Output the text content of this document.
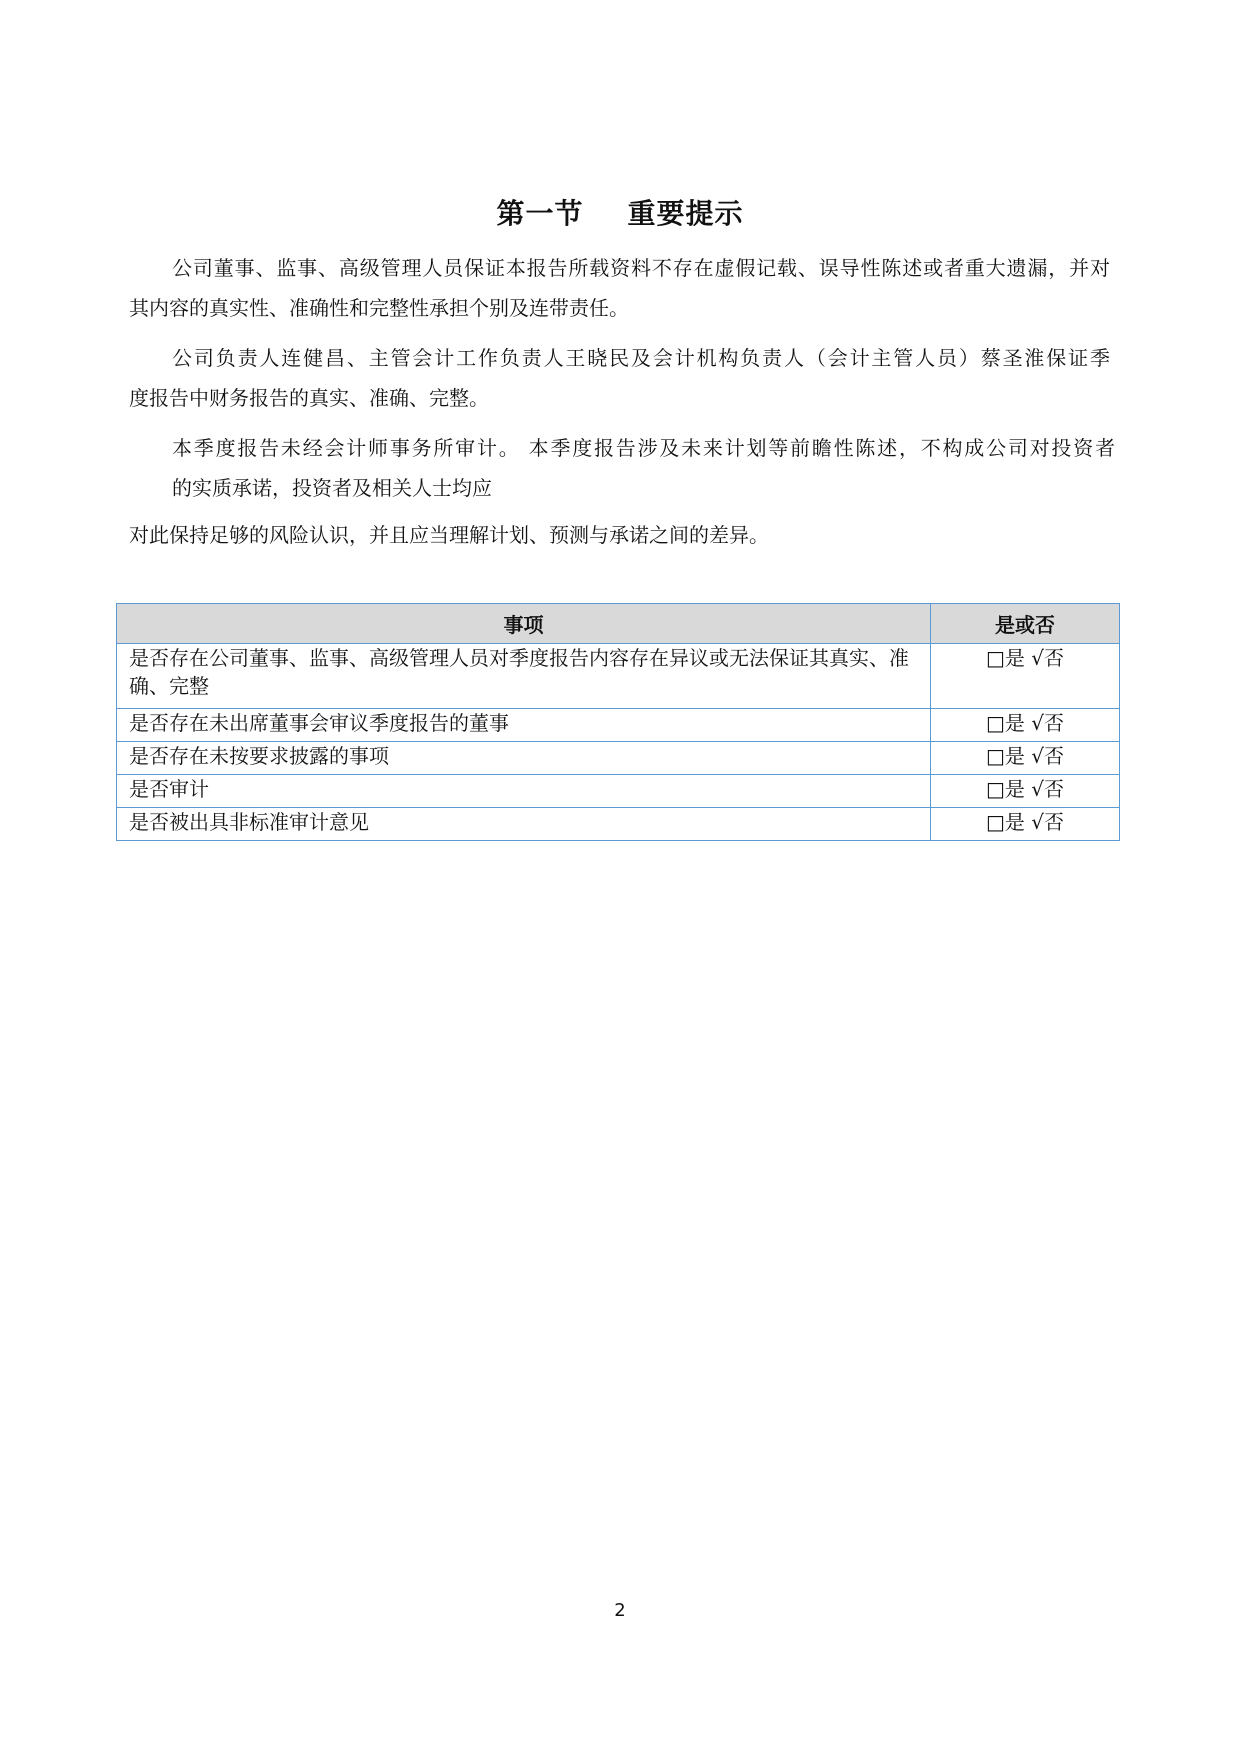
第一节 重要提示
公司董事、监事、高级管理人员保证本报告所载资料不存在虚假记载、误导性陈述或者重大遗漏，并对
其内容的真实性、准确性和完整性承担个别及连带责任。
公司负责人连健昌、主管会计工作负责人王晓民及会计机构负责人（会计主管人员）蔡圣淮保证季
度报告中财务报告的真实、准确、完整。
本季度报告未经会计师事务所审计。 本季度报告涉及未来计划等前瞻性陈述，不构成公司对投资者
的实质承诺，投资者及相关人士均应
对此保持足够的风险认识，并且应当理解计划、预测与承诺之间的差异。
事项	是或否
是否存在公司董事、监事、高级管理人员对季度报告内容存在异议或无法保证其真实、准确、完整	□是 √否
是否存在未出席董事会审议季度报告的董事	□是 √否
是否存在未按要求披露的事项	□是 √否
是否审计	□是 √否
是否被出具非标准审计意见	□是 √否
2
